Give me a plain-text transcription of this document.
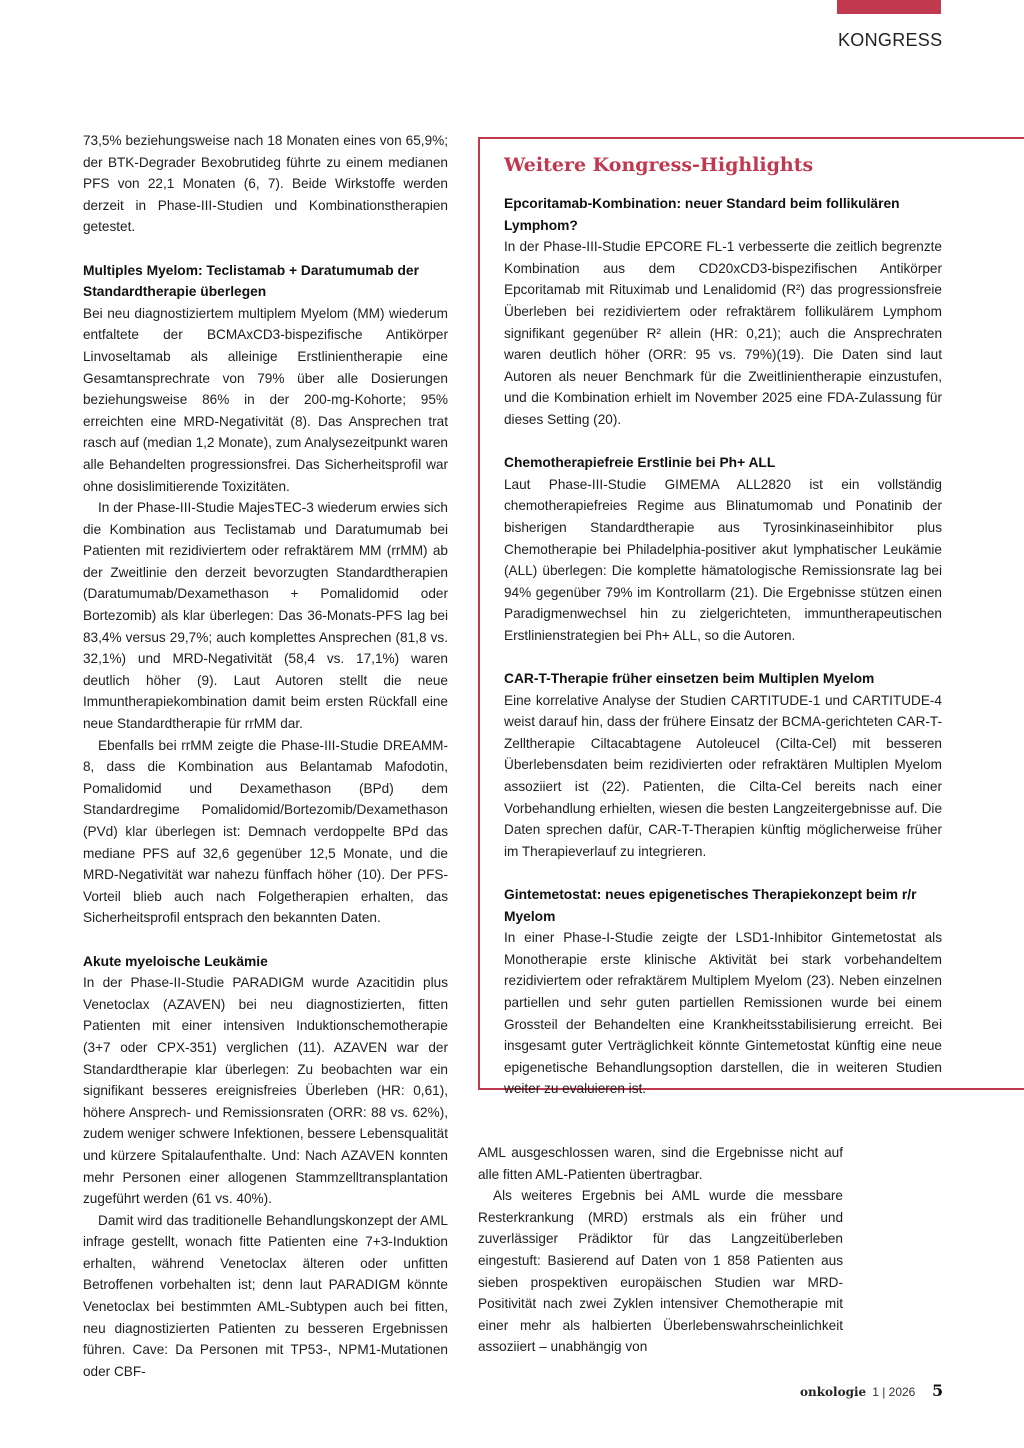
KONGRESS

73,5% beziehungsweise nach 18 Monaten eines von 65,9%; der BTK-Degrader Bexobrutideg führte zu einem medianen PFS von 22,1 Monaten (6, 7). Beide Wirkstoffe werden derzeit in Phase-III-Studien und Kombinationstherapien getestet.

Multiples Myelom: Teclistamab + Daratumumab der Standardtherapie überlegen

Bei neu diagnostiziertem multiplem Myelom (MM) wiederum entfaltete der BCMAxCD3-bispezifische Antikörper Linvoseltamab als alleinige Erstlinientherapie eine Gesamtansprechrate von 79% über alle Dosierungen beziehungsweise 86% in der 200-mg-Kohorte; 95% erreichten eine MRD-Negativität (8). Das Ansprechen trat rasch auf (median 1,2 Monate), zum Analysezeitpunkt waren alle Behandelten progressionsfrei. Das Sicherheitsprofil war ohne dosislimitierende Toxizitäten.

In der Phase-III-Studie MajesTEC-3 wiederum erwies sich die Kombination aus Teclistamab und Daratumumab bei Patienten mit rezidiviertem oder refraktärem MM (rrMM) ab der Zweitlinie den derzeit bevorzugten Standardtherapien (Daratumumab/Dexamethason + Pomalidomid oder Bortezomib) als klar überlegen: Das 36-Monats-PFS lag bei 83,4% versus 29,7%; auch komplettes Ansprechen (81,8 vs. 32,1%) und MRD-Negativität (58,4 vs. 17,1%) waren deutlich höher (9). Laut Autoren stellt die neue Immuntherapiekombination damit beim ersten Rückfall eine neue Standardtherapie für rrMM dar.

Ebenfalls bei rrMM zeigte die Phase-III-Studie DREAMM-8, dass die Kombination aus Belantamab Mafodotin, Pomalidomid und Dexamethason (BPd) dem Standardregime Pomalidomid/Bortezomib/Dexamethason (PVd) klar überlegen ist: Demnach verdoppelte BPd das mediane PFS auf 32,6 gegenüber 12,5 Monate, und die MRD-Negativität war nahezu fünffach höher (10). Der PFS-Vorteil blieb auch nach Folgetherapien erhalten, das Sicherheitsprofil entsprach den bekannten Daten.

Akute myeloische Leukämie

In der Phase-II-Studie PARADIGM wurde Azacitidin plus Venetoclax (AZAVEN) bei neu diagnostizierten, fitten Patienten mit einer intensiven Induktionschemotherapie (3+7 oder CPX-351) verglichen (11). AZAVEN war der Standardtherapie klar überlegen: Zu beobachten war ein signifikant besseres ereignisfreies Überleben (HR: 0,61), höhere Ansprech- und Remissionsraten (ORR: 88 vs. 62%), zudem weniger schwere Infektionen, bessere Lebensqualität und kürzere Spitalaufenthalte. Und: Nach AZAVEN konnten mehr Personen einer allogenen Stammzelltransplantation zugeführt werden (61 vs. 40%).

Damit wird das traditionelle Behandlungskonzept der AML infrage gestellt, wonach fitte Patienten eine 7+3-Induktion erhalten, während Venetoclax älteren oder unfitten Betroffenen vorbehalten ist; denn laut PARADIGM könnte Venetoclax bei bestimmten AML-Subtypen auch bei fitten, neu diagnostizierten Patienten zu besseren Ergebnissen führen. Cave: Da Personen mit TP53-, NPM1-Mutationen oder CBF-

Weitere Kongress-Highlights
Epcoritamab-Kombination: neuer Standard beim follikulären Lymphom?

In der Phase-III-Studie EPCORE FL-1 verbesserte die zeitlich begrenzte Kombination aus dem CD20xCD3-bispezifischen Antikörper Epcoritamab mit Rituximab und Lenalidomid (R²) das progressionsfreie Überleben bei rezidiviertem oder refraktärem follikulärem Lymphom signifikant gegenüber R² allein (HR: 0,21); auch die Ansprechraten waren deutlich höher (ORR: 95 vs. 79%)(19). Die Daten sind laut Autoren als neuer Benchmark für die Zweitlinientherapie einzustufen, und die Kombination erhielt im November 2025 eine FDA-Zulassung für dieses Setting (20).

Chemotherapiefreie Erstlinie bei Ph+ ALL

Laut Phase-III-Studie GIMEMA ALL2820 ist ein vollständig chemotherapiefreies Regime aus Blinatumomab und Ponatinib der bisherigen Standardtherapie aus Tyrosinkinaseinhibitor plus Chemotherapie bei Philadelphia-positiver akut lymphatischer Leukämie (ALL) überlegen: Die komplette hämatologische Remissionsrate lag bei 94% gegenüber 79% im Kontrollarm (21). Die Ergebnisse stützen einen Paradigmenwechsel hin zu zielgerichteten, immuntherapeutischen Erstlinienstrategien bei Ph+ ALL, so die Autoren.

CAR-T-Therapie früher einsetzen beim Multiplen Myelom

Eine korrelative Analyse der Studien CARTITUDE-1 und CARTITUDE-4 weist darauf hin, dass der frühere Einsatz der BCMA-gerichteten CAR-T-Zelltherapie Ciltacabtagene Autoleucel (Cilta-Cel) mit besseren Überlebensdaten beim rezidivierten oder refraktären Multiplen Myelom assoziiert ist (22). Patienten, die Cilta-Cel bereits nach einer Vorbehandlung erhielten, wiesen die besten Langzeitergebnisse auf. Die Daten sprechen dafür, CAR-T-Therapien künftig möglicherweise früher im Therapieverlauf zu integrieren.

Gintemetostat: neues epigenetisches Therapiekonzept beim r/r Myelom

In einer Phase-I-Studie zeigte der LSD1-Inhibitor Gintemetostat als Monotherapie erste klinische Aktivität bei stark vorbehandeltem rezidiviertem oder refraktärem Multiplem Myelom (23). Neben einzelnen partiellen und sehr guten partiellen Remissionen wurde bei einem Grossteil der Behandelten eine Krankheitsstabilisierung erreicht. Bei insgesamt guter Verträglichkeit könnte Gintemetostat künftig eine neue epigenetische Behandlungsoption darstellen, die in weiteren Studien weiter zu evaluieren ist.

AML ausgeschlossen waren, sind die Ergebnisse nicht auf alle fitten AML-Patienten übertragbar.

Als weiteres Ergebnis bei AML wurde die messbare Resterkrankung (MRD) erstmals als ein früher und zuverlässiger Prädiktor für das Langzeitüberleben eingestuft: Basierend auf Daten von 1 858 Patienten aus sieben prospektiven europäischen Studien war MRD-Positivität nach zwei Zyklen intensiver Chemotherapie mit einer mehr als halbierten Überlebenswahrscheinlichkeit assoziiert – unabhängig von

onkologie 1 | 2026 5
